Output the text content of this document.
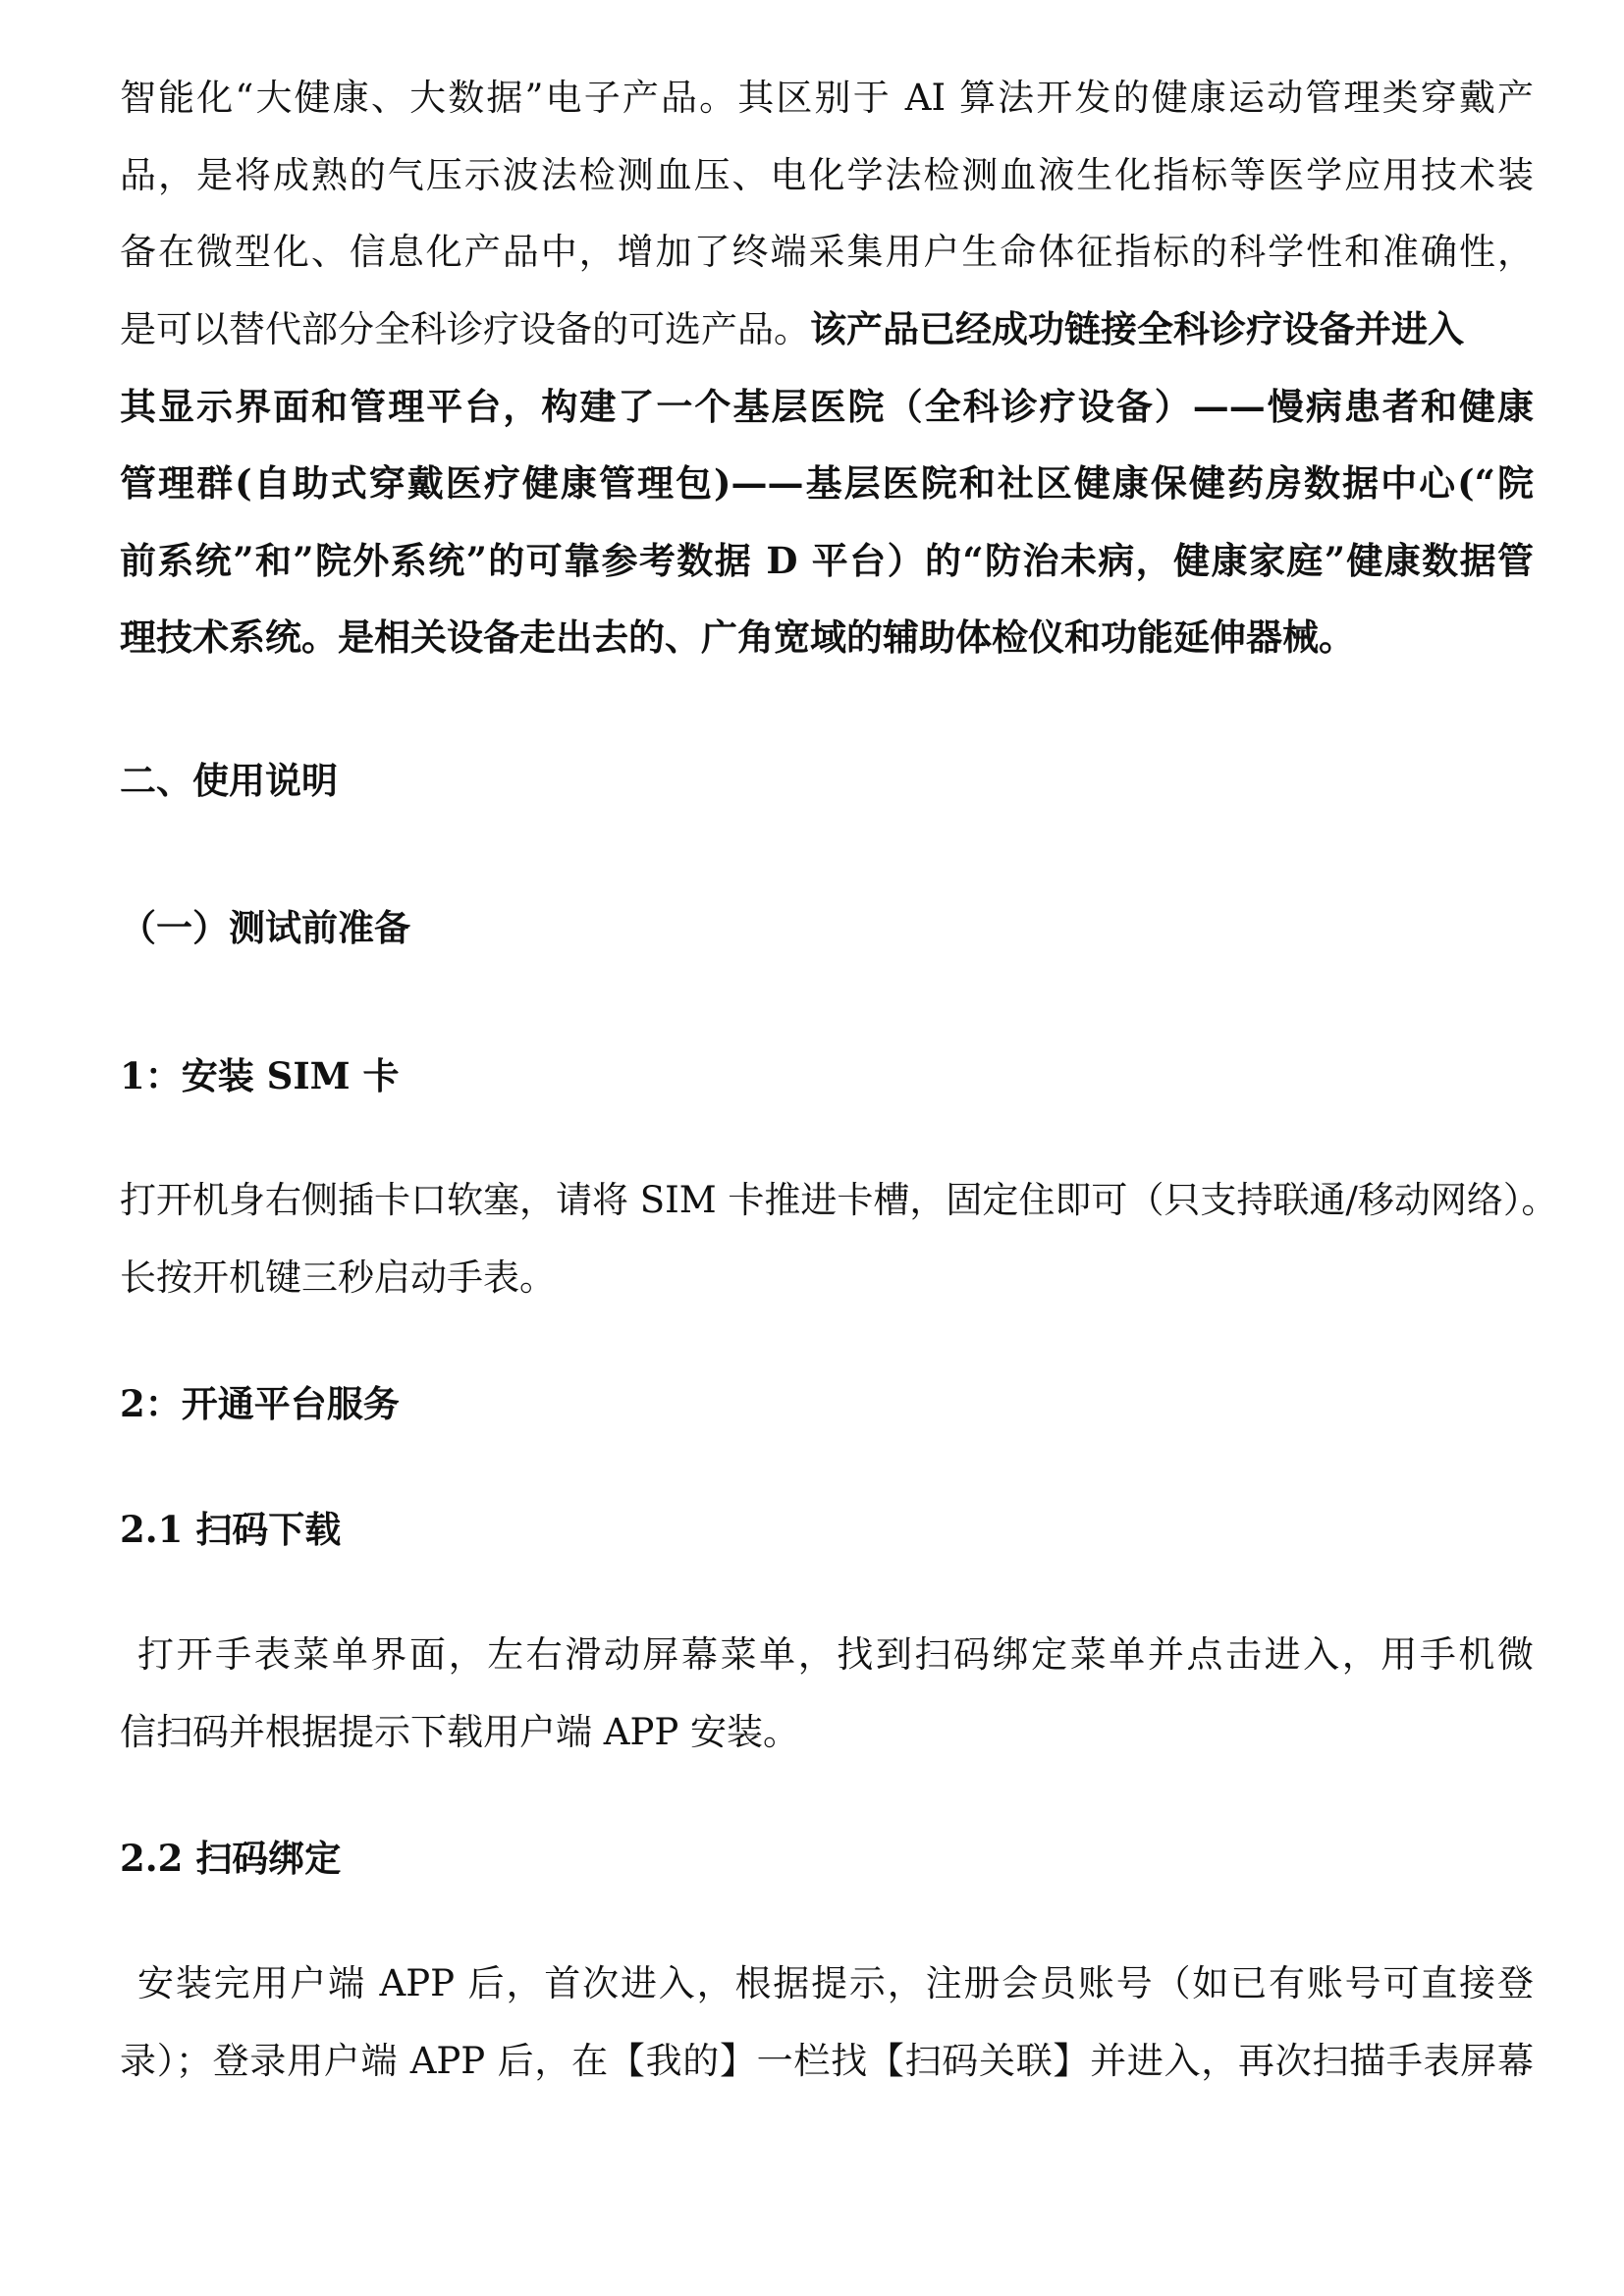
智能化“大健康、大数据”电子产品。其区别于 AI 算法开发的健康运动管理类穿戴产
品，是将成熟的气压示波法检测血压、电化学法检测血液生化指标等医学应用技术装
备在微型化、信息化产品中，增加了终端采集用户生命体征指标的科学性和准确性，
是可以替代部分全科诊疗设备的可选产品。该产品已经成功链接全科诊疗设备并进入
其显示界面和管理平台，构建了一个基层医院（全科诊疗设备）——慢病患者和健康
管理群(自助式穿戴医疗健康管理包)——基层医院和社区健康保健药房数据中心(“院
前系统”和”院外系统”的可靠参考数据 D 平台）的“防治未病，健康家庭”健康数据管
理技术系统。是相关设备走出去的、广角宽域的辅助体检仪和功能延伸器械。
二、使用说明
（一）测试前准备
1：安装 SIM 卡
打开机身右侧插卡口软塞，请将 SIM 卡推进卡槽，固定住即可（只支持联通/移动网络）。
长按开机键三秒启动手表。
2：开通平台服务
2.1 扫码下载
打开手表菜单界面，左右滑动屏幕菜单，找到扫码绑定菜单并点击进入，用手机微
信扫码并根据提示下载用户端 APP 安装。
2.2 扫码绑定
安装完用户端 APP 后，首次进入，根据提示，注册会员账号（如已有账号可直接登
录）；登录用户端 APP 后，在【我的】一栏找【扫码关联】并进入，再次扫描手表屏幕
